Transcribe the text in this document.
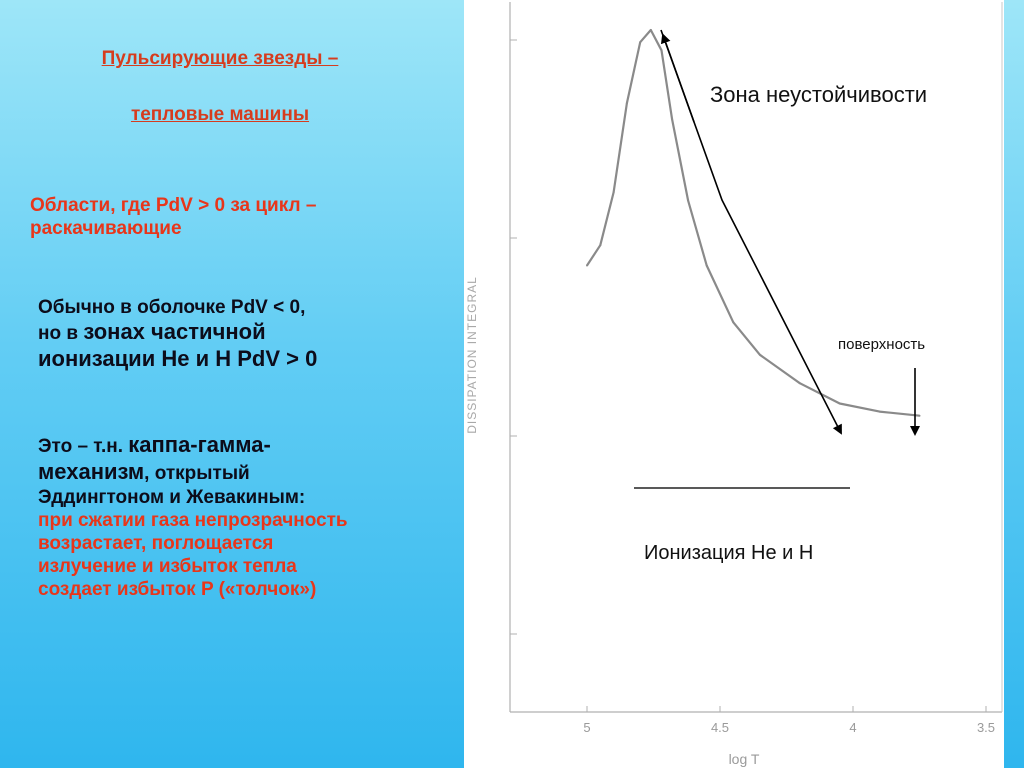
Пульсирующие звезды –
тепловые машины
Области, где PdV > 0 за цикл –
раскачивающие
Обычно в оболочке PdV < 0,
но в зонах частичной
ионизации He и H PdV > 0
Это – т.н. каппа-гамма-
механизм, открытый
Эддингтоном и Жевакиным:
при сжатии газа непрозрачность
возрастает, поглощается
излучение и избыток тепла
создает избыток P («толчок»)
5	4.5	4	3.5
log T
DISSIPATION INTEGRAL
Зона неустойчивости
поверхность
Ионизация He и H
